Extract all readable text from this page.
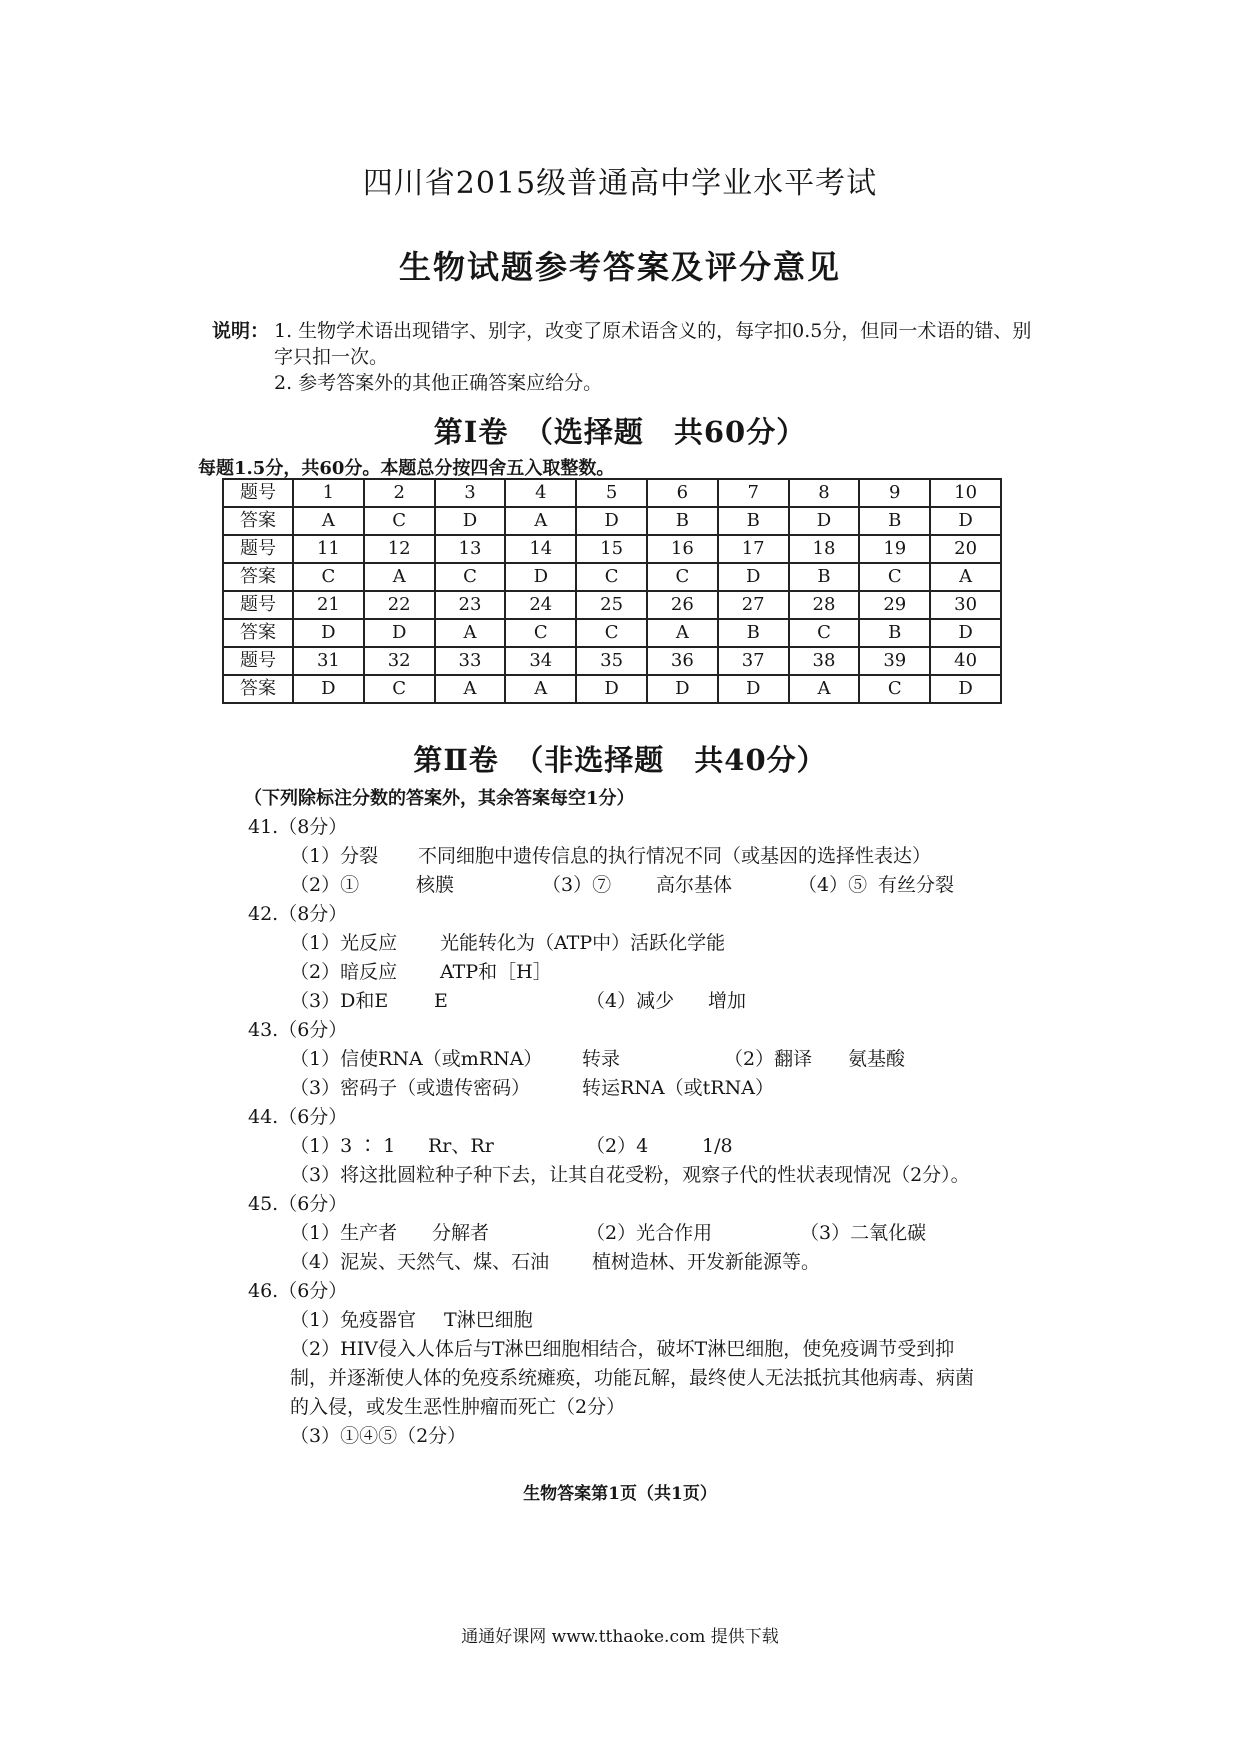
四川省2015级普通高中学业水平考试
生物试题参考答案及评分意见
说明： 1. 生物学术语出现错字、别字，改变了原术语含义的，每字扣0.5分，但同一术语的错、别字只扣一次。
2. 参考答案外的其他正确答案应给分。
第Ⅰ卷　（选择题　共60分）
每题1.5分，共60分。本题总分按四舍五入取整数。
题号	1	2	3	4	5	6	7	8	9	10
答案	A	C	D	A	D	B	B	D	B	D
题号	11	12	13	14	15	16	17	18	19	20
答案	C	A	C	D	C	C	D	B	C	A
题号	21	22	23	24	25	26	27	28	29	30
答案	D	D	A	C	C	A	B	C	B	D
题号	31	32	33	34	35	36	37	38	39	40
答案	D	C	A	A	D	D	D	A	C	D
第Ⅱ卷　（非选择题　共40分）
（下列除标注分数的答案外，其余答案每空1分）
41.（8分）
（1）分裂 不同细胞中遗传信息的执行情况不同（或基因的选择性表达）
（2）①	核膜	（3）⑦ 高尔基体	（4）⑤ 有丝分裂
42.（8分）
（1）光反应 光能转化为（ATP中）活跃化学能
（2）暗反应 ATP和［H］
（3）D和E E	（4）减少 增加
43.（6分）
（1）信使RNA（或mRNA） 转录	（2）翻译 氨基酸
（3）密码子（或遗传密码）	转运RNA（或tRNA）
44.（6分）
（1）3 ∶ 1 Rr、Rr	（2）4	1/8
（3）将这批圆粒种子种下去，让其自花受粉，观察子代的性状表现情况（2分）。
45.（6分）
（1）生产者 分解者	（2）光合作用	（3）二氧化碳
（4）泥炭、天然气、煤、石油 植树造林、开发新能源等。
46.（6分）
（1）免疫器官 T淋巴细胞
（2）HIV侵入人体后与T淋巴细胞相结合，破坏T淋巴细胞，使免疫调节受到抑制，并逐渐使人体的免疫系统瘫痪，功能瓦解，最终使人无法抵抗其他病毒、病菌的入侵，或发生恶性肿瘤而死亡（2分）
（3）①④⑤（2分）
生物答案第1页（共1页）
通通好课网 www.tthaoke.com 提供下载
